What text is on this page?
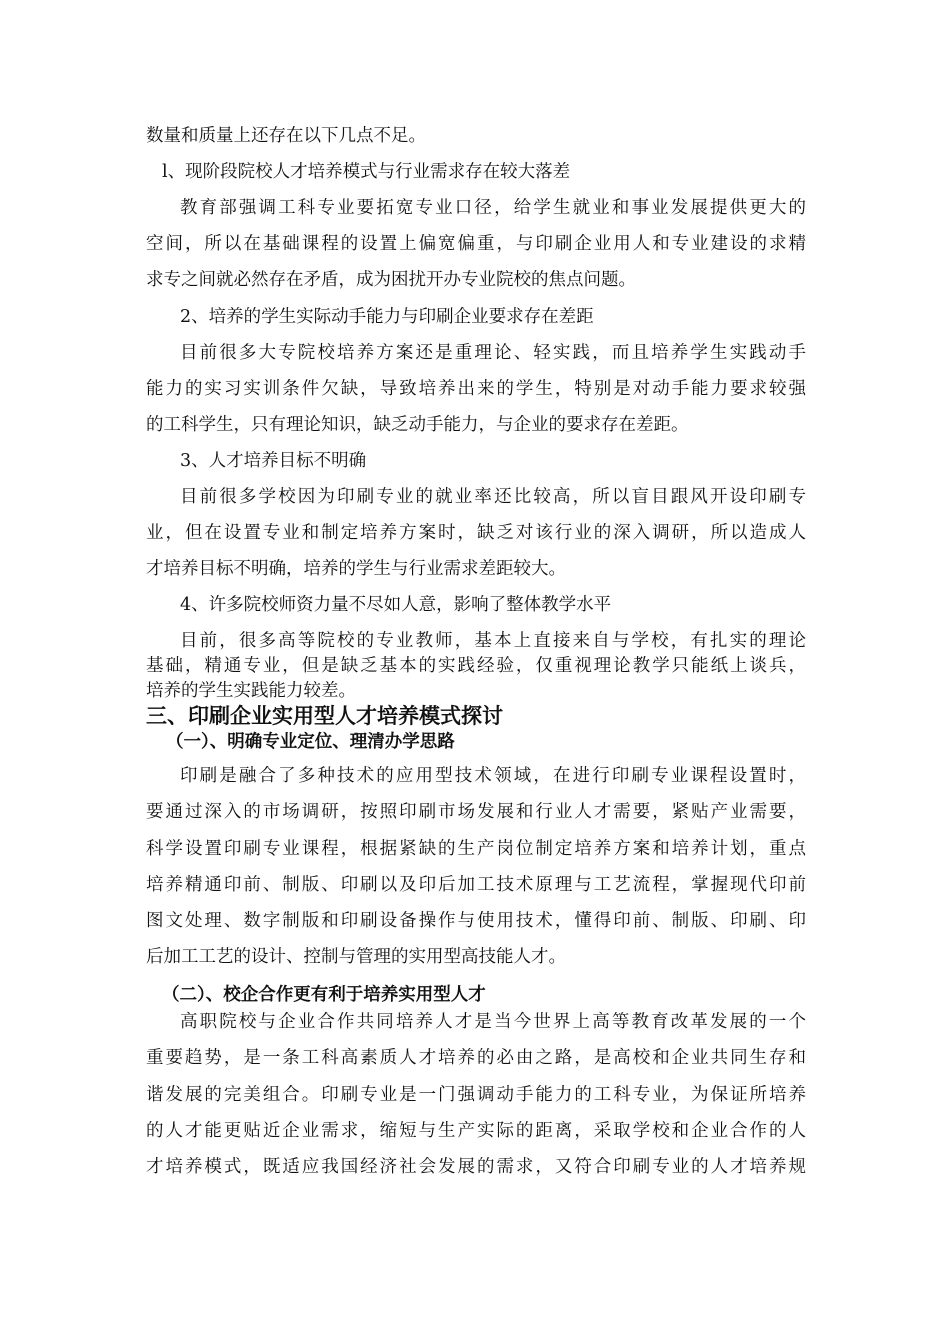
数量和质量上还存在以下几点不足。
l、现阶段院校人才培养模式与行业需求存在较大落差
教育部强调工科专业要拓宽专业口径，给学生就业和事业发展提供更大的
空间，所以在基础课程的设置上偏宽偏重，与印刷企业用人和专业建设的求精
求专之间就必然存在矛盾，成为困扰开办专业院校的焦点问题。
2、培养的学生实际动手能力与印刷企业要求存在差距
目前很多大专院校培养方案还是重理论、轻实践，而且培养学生实践动手
能力的实习实训条件欠缺，导致培养出来的学生，特别是对动手能力要求较强
的工科学生，只有理论知识，缺乏动手能力，与企业的要求存在差距。
3、人才培养目标不明确
目前很多学校因为印刷专业的就业率还比较高，所以盲目跟风开设印刷专
业，但在设置专业和制定培养方案时，缺乏对该行业的深入调研，所以造成人
才培养目标不明确，培养的学生与行业需求差距较大。
4、许多院校师资力量不尽如人意，影响了整体教学水平
目前，很多高等院校的专业教师，基本上直接来自与学校，有扎实的理论
基础，精通专业，但是缺乏基本的实践经验，仅重视理论教学只能纸上谈兵，
培养的学生实践能力较差。
三、印刷企业实用型人才培养模式探讨
（一）、明确专业定位、理清办学思路
印刷是融合了多种技术的应用型技术领域，在进行印刷专业课程设置时，
要通过深入的市场调研，按照印刷市场发展和行业人才需要，紧贴产业需要，
科学设置印刷专业课程，根据紧缺的生产岗位制定培养方案和培养计划，重点
培养精通印前、制版、印刷以及印后加工技术原理与工艺流程，掌握现代印前
图文处理、数字制版和印刷设备操作与使用技术，懂得印前、制版、印刷、印
后加工工艺的设计、控制与管理的实用型高技能人才。
（二）、校企合作更有利于培养实用型人才
高职院校与企业合作共同培养人才是当今世界上高等教育改革发展的一个
重要趋势，是一条工科高素质人才培养的必由之路，是高校和企业共同生存和
谐发展的完美组合。印刷专业是一门强调动手能力的工科专业，为保证所培养
的人才能更贴近企业需求，缩短与生产实际的距离，采取学校和企业合作的人
才培养模式，既适应我国经济社会发展的需求，又符合印刷专业的人才培养规
